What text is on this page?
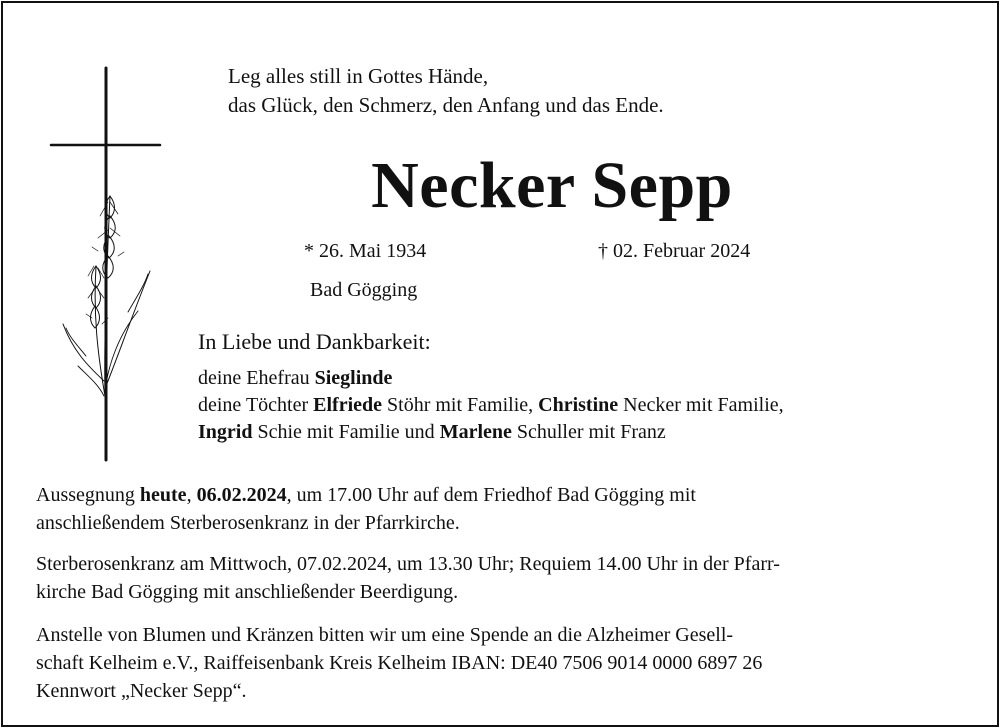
Leg alles still in Gottes Hände,
das Glück, den Schmerz, den Anfang und das Ende.

Necker Sepp

* 26. Mai 1934	† 02. Februar 2024

Bad Gögging

In Liebe und Dankbarkeit:

deine Ehefrau Sieglinde
deine Töchter Elfriede Stöhr mit Familie, Christine Necker mit Familie,
Ingrid Schie mit Familie und Marlene Schuller mit Franz

Aussegnung heute, 06.02.2024, um 17.00 Uhr auf dem Friedhof Bad Gögging mit
anschließendem Sterberosenkranz in der Pfarrkirche.

Sterberosenkranz am Mittwoch, 07.02.2024, um 13.30 Uhr; Requiem 14.00 Uhr in der Pfarr-
kirche Bad Gögging mit anschließender Beerdigung.

Anstelle von Blumen und Kränzen bitten wir um eine Spende an die Alzheimer Gesell-
schaft Kelheim e.V., Raiffeisenbank Kreis Kelheim IBAN: DE40 7506 9014 0000 6897 26
Kennwort „Necker Sepp“.
